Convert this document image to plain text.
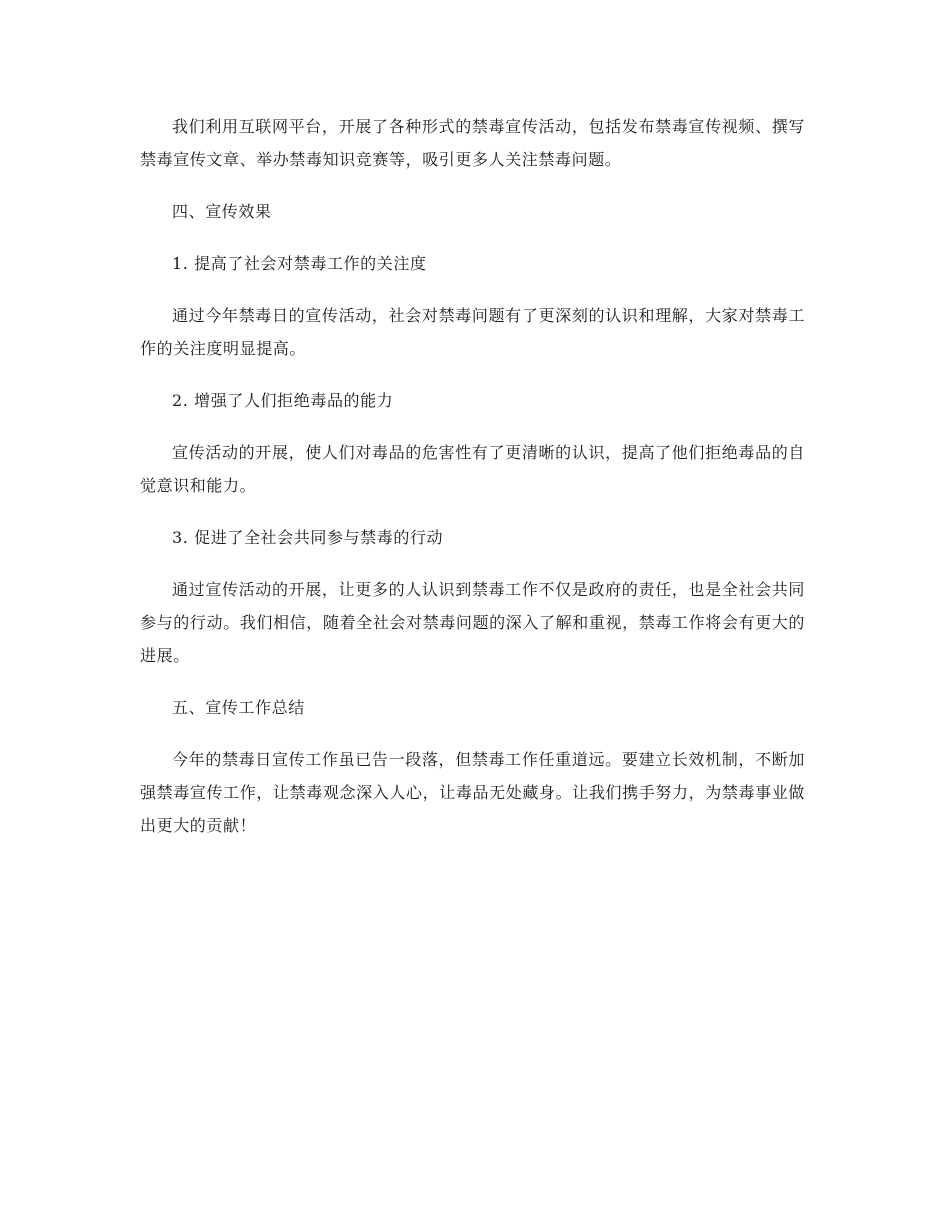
我们利用互联网平台，开展了各种形式的禁毒宣传活动，包括发布禁毒宣传视频、撰写禁毒宣传文章、举办禁毒知识竞赛等，吸引更多人关注禁毒问题。

四、宣传效果

1. 提高了社会对禁毒工作的关注度

通过今年禁毒日的宣传活动，社会对禁毒问题有了更深刻的认识和理解，大家对禁毒工作的关注度明显提高。

2. 增强了人们拒绝毒品的能力

宣传活动的开展，使人们对毒品的危害性有了更清晰的认识，提高了他们拒绝毒品的自觉意识和能力。

3. 促进了全社会共同参与禁毒的行动

通过宣传活动的开展，让更多的人认识到禁毒工作不仅是政府的责任，也是全社会共同参与的行动。我们相信，随着全社会对禁毒问题的深入了解和重视，禁毒工作将会有更大的进展。

五、宣传工作总结

今年的禁毒日宣传工作虽已告一段落，但禁毒工作任重道远。要建立长效机制，不断加强禁毒宣传工作，让禁毒观念深入人心，让毒品无处藏身。让我们携手努力，为禁毒事业做出更大的贡献！
